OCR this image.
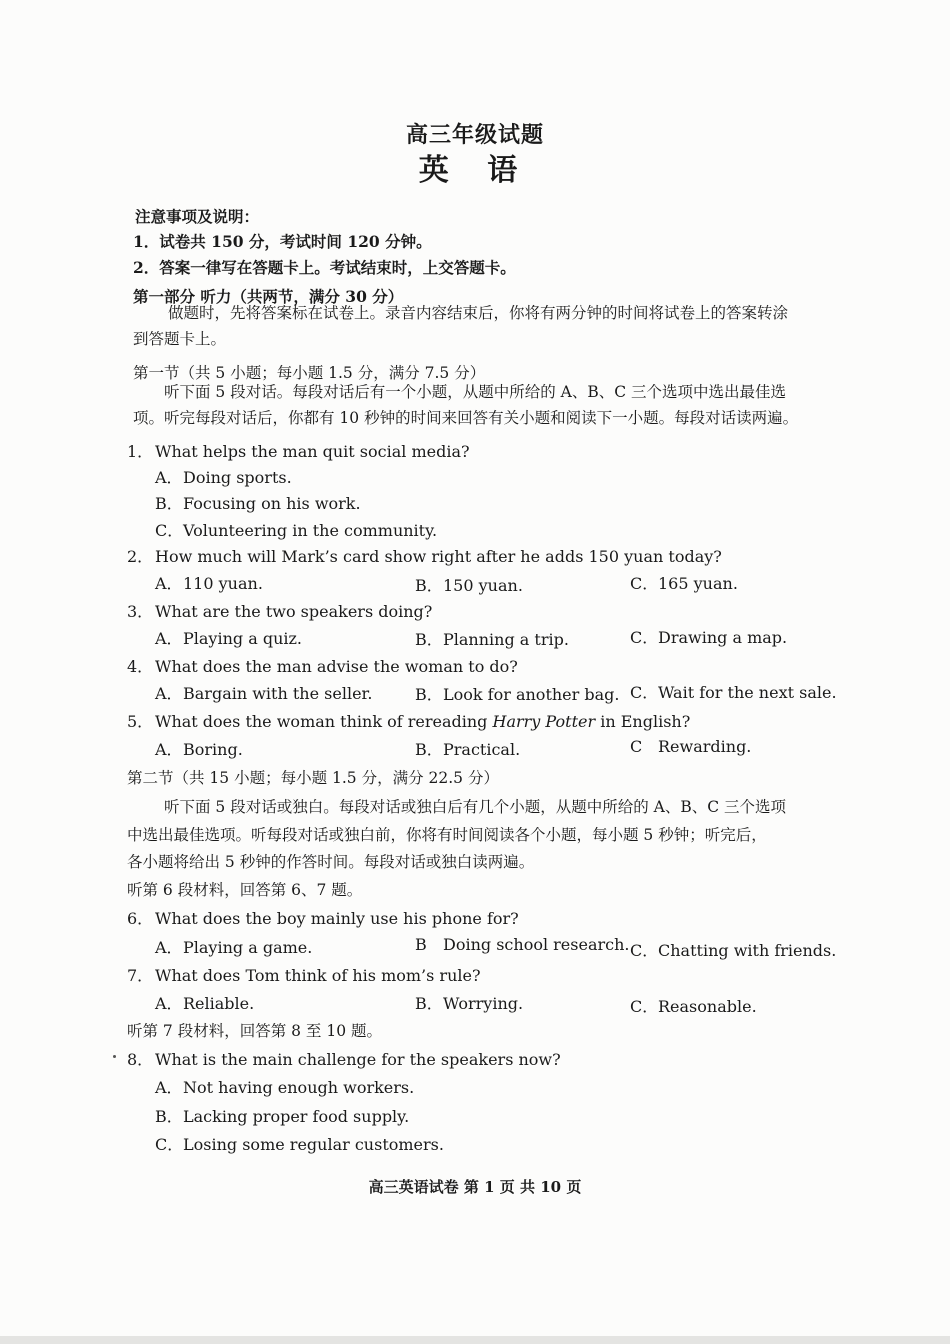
高三年级试题
英 语
注意事项及说明：
1．试卷共 150 分，考试时间 120 分钟。
2．答案一律写在答题卡上。考试结束时，上交答题卡。
第一部分 听力（共两节，满分 30 分）
做题时，先将答案标在试卷上。录音内容结束后，你将有两分钟的时间将试卷上的答案转涂
到答题卡上。
第一节（共 5 小题；每小题 1.5 分，满分 7.5 分）
听下面 5 段对话。每段对话后有一个小题，从题中所给的 A、B、C 三个选项中选出最佳选
项。听完每段对话后，你都有 10 秒钟的时间来回答有关小题和阅读下一小题。每段对话读两遍。
1． What helps the man quit social media?
A．Doing sports.
B．Focusing on his work.
C．Volunteering in the community.
2． How much will Mark’s card show right after he adds 150 yuan today?
A．110 yuan.	B．150 yuan.	C．165 yuan.
3． What are the two speakers doing?
A．Playing a quiz.	B．Planning a trip.	C．Drawing a map.
4． What does the man advise the woman to do?
A．Bargain with the seller.	B．Look for another bag. C．Wait for the next sale.
5． What does the woman think of rereading Harry Potter in English?
A．Boring.	B．Practical.	C Rewarding.
第二节（共 15 小题；每小题 1.5 分，满分 22.5 分）
听下面 5 段对话或独白。每段对话或独白后有几个小题，从题中所给的 A、B、C 三个选项
中选出最佳选项。听每段对话或独白前，你将有时间阅读各个小题，每小题 5 秒钟；听完后，
各小题将给出 5 秒钟的作答时间。每段对话或独白读两遍。
听第 6 段材料，回答第 6、7 题。
6． What does the boy mainly use his phone for?
A．Playing a game.	B Doing school research. C．Chatting with friends.
7． What does Tom think of his mom’s rule?
A．Reliable.	B．Worrying.	C．Reasonable.
听第 7 段材料，回答第 8 至 10 题。
8． What is the main challenge for the speakers now?
A．Not having enough workers.
B．Lacking proper food supply.
C．Losing some regular customers.
高三英语试卷 第 1 页 共 10 页
